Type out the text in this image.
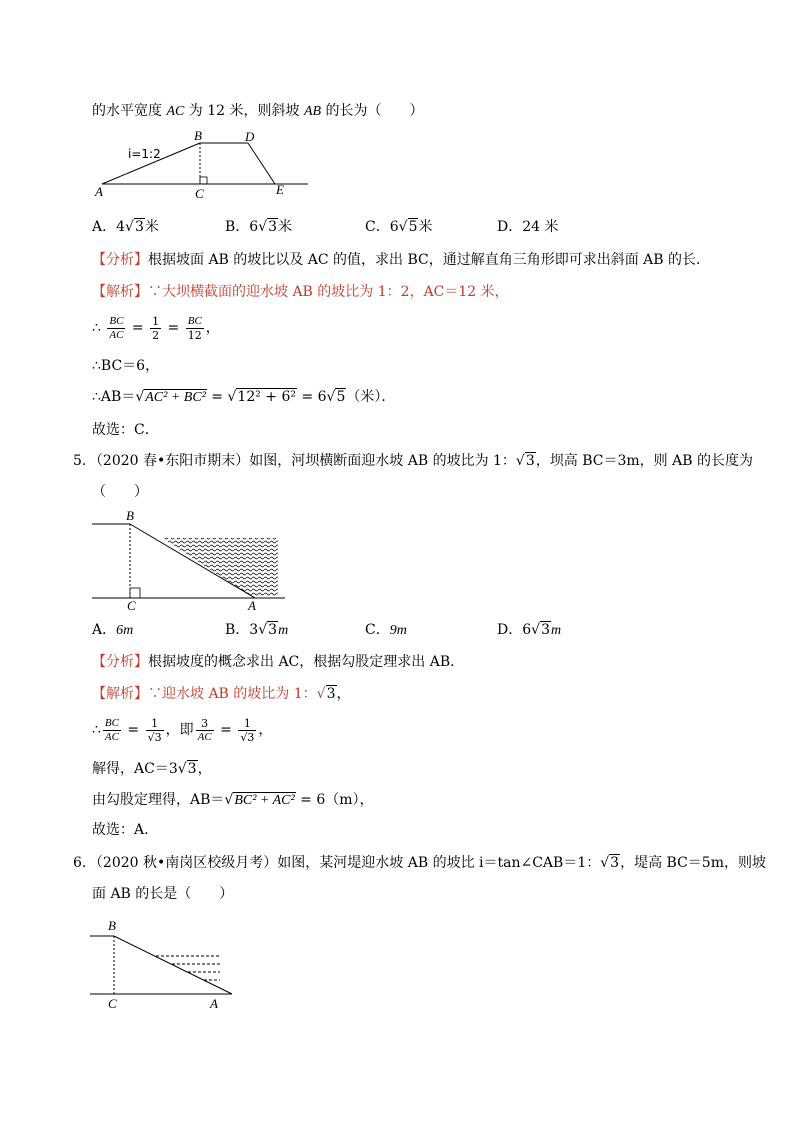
的水平宽度 AC 为 12 米，则斜坡 AB 的长为（　　）
i=1:2
B	D
A	C	E
A．4√3米	B．6√3米	C．6√5米	D．24 米
【分析】根据坡面 AB 的坡比以及 AC 的值，求出 BC，通过解直角三角形即可求出斜面 AB 的长．
【解析】∵大坝横截面的迎水坡 AB 的坡比为 1：2，AC＝12 米，
∴ $\frac{BC}{AC} = \frac{1}{2} = \frac{BC}{12}$ ，
∴BC＝6，
∴AB＝√AC² + BC² = √12² + 6² = 6√5（米）．
故选：C．
5．（2020 春•东阳市期末）如图，河坝横断面迎水坡 AB 的坡比为 1：√3，坝高 BC＝3m，则 AB 的长度为
（　　）
B
C	A
A．6m	B．3√3m	C．9m	D．6√3m
【分析】根据坡度的概念求出 AC，根据勾股定理求出 AB．
【解析】∵迎水坡 AB 的坡比为 1：√3，
∴ $\frac{BC}{AC} = \frac{1}{√3}$ ，即 $\frac{3}{AC} = \frac{1}{√3}$ ，
解得，AC＝3√3，
由勾股定理得，AB＝√BC² + AC² = 6（m），
故选：A．
6．（2020 秋•南岗区校级月考）如图，某河堤迎水坡 AB 的坡比 i＝tan∠CAB＝1：√3，堤高 BC＝5m，则坡
面 AB 的长是（　　）
B
C	A
